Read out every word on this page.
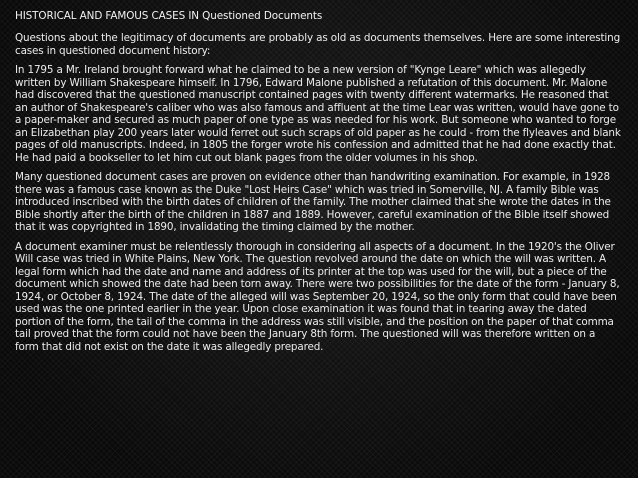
HISTORICAL AND FAMOUS CASES IN Questioned Documents

Questions about the legitimacy of documents are probably as old as documents themselves. Here are some interesting cases in questioned document history:

In 1795 a Mr. Ireland brought forward what he claimed to be a new version of "Kynge Leare" which was allegedly written by William Shakespeare himself. In 1796, Edward Malone published a refutation of this document. Mr. Malone had discovered that the questioned manuscript contained pages with twenty different watermarks. He reasoned that an author of Shakespeare's caliber who was also famous and affluent at the time Lear was written, would have gone to a paper-maker and secured as much paper of one type as was needed for his work. But someone who wanted to forge an Elizabethan play 200 years later would ferret out such scraps of old paper as he could - from the flyleaves and blank pages of old manuscripts. Indeed, in 1805 the forger wrote his confession and admitted that he had done exactly that. He had paid a bookseller to let him cut out blank pages from the older volumes in his shop.

Many questioned document cases are proven on evidence other than handwriting examination. For example, in 1928 there was a famous case known as the Duke "Lost Heirs Case" which was tried in Somerville, NJ. A family Bible was introduced inscribed with the birth dates of children of the family. The mother claimed that she wrote the dates in the Bible shortly after the birth of the children in 1887 and 1889. However, careful examination of the Bible itself showed that it was copyrighted in 1890, invalidating the timing claimed by the mother.

A document examiner must be relentlessly thorough in considering all aspects of a document. In the 1920's the Oliver Will case was tried in White Plains, New York. The question revolved around the date on which the will was written. A legal form which had the date and name and address of its printer at the top was used for the will, but a piece of the document which showed the date had been torn away. There were two possibilities for the date of the form - January 8, 1924, or October 8, 1924. The date of the alleged will was September 20, 1924, so the only form that could have been used was the one printed earlier in the year. Upon close examination it was found that in tearing away the dated portion of the form, the tail of the comma in the address was still visible, and the position on the paper of that comma tail proved that the form could not have been the January 8th form. The questioned will was therefore written on a form that did not exist on the date it was allegedly prepared.
